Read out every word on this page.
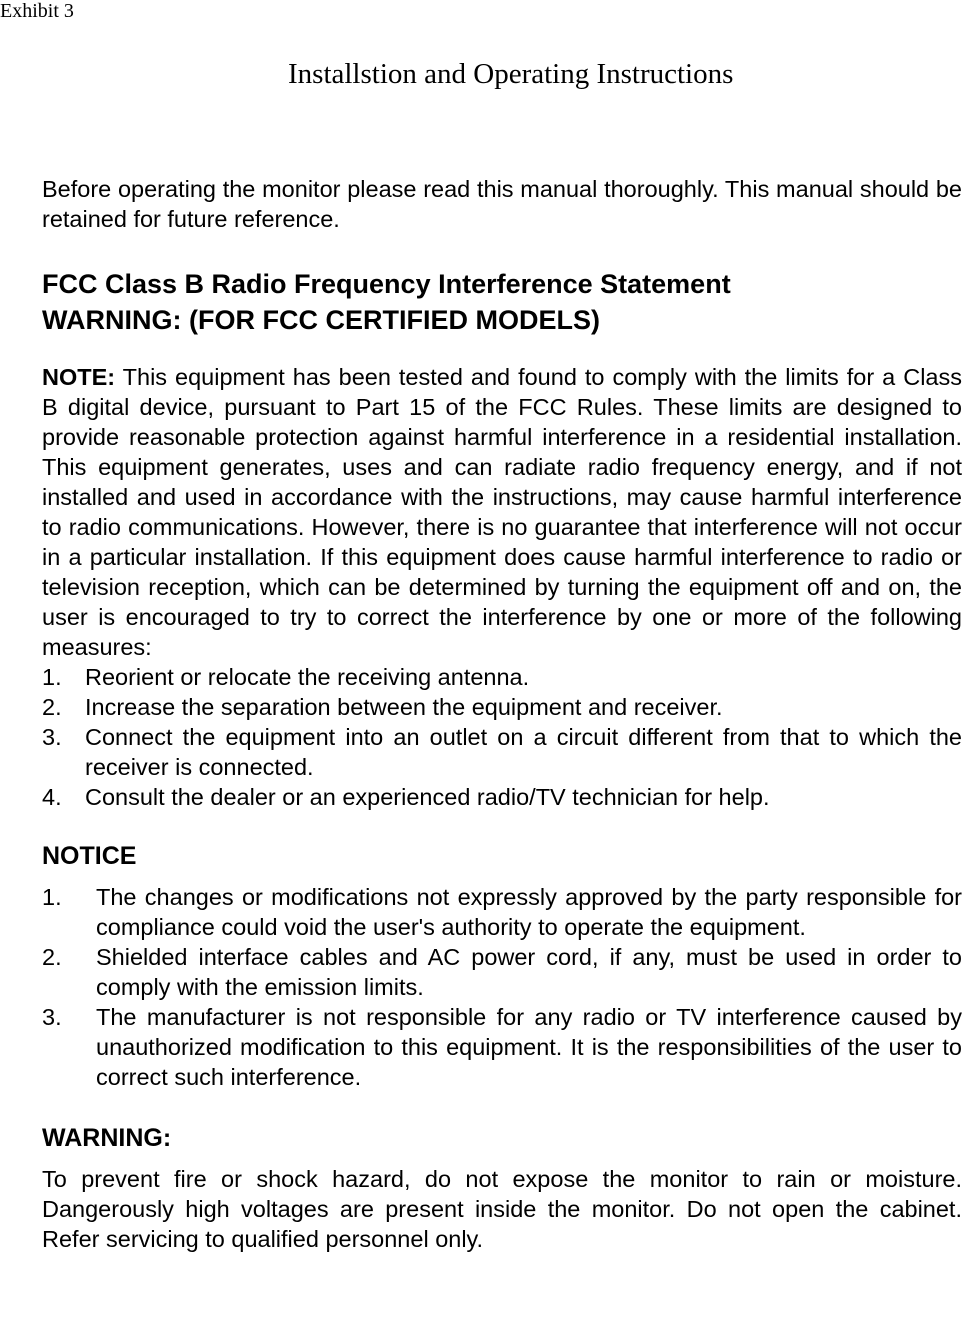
Exhibit 3
Installstion and Operating Instructions

Before operating the monitor please read this manual thoroughly. This manual should be retained for future reference.

FCC Class B Radio Frequency Interference Statement

WARNING: (FOR FCC CERTIFIED MODELS)

NOTE: This equipment has been tested and found to comply with the limits for a Class B digital device, pursuant to Part 15 of the FCC Rules. These limits are designed to provide reasonable protection against harmful interference in a residential installation. This equipment generates, uses and can radiate radio frequency energy, and if not installed and used in accordance with the instructions, may cause harmful interference to radio communications. However, there is no guarantee that interference will not occur in a particular installation. If this equipment does cause harmful interference to radio or television reception, which can be determined by turning the equipment off and on, the user is encouraged to try to correct the interference by one or more of the following measures:

1. Reorient or relocate the receiving antenna.
2. Increase the separation between the equipment and receiver.
3. Connect the equipment into an outlet on a circuit different from that to which the receiver is connected.
4. Consult the dealer or an experienced radio/TV technician for help.

NOTICE

1.	The changes or modifications not expressly approved by the party responsible for compliance could void the user's authority to operate the equipment.
2.	Shielded interface cables and AC power cord, if any, must be used in order to comply with the emission limits.
3.	The manufacturer is not responsible for any radio or TV interference caused by unauthorized modification to this equipment. It is the responsibilities of the user to correct such interference.

WARNING:

To prevent fire or shock hazard, do not expose the monitor to rain or moisture. Dangerously high voltages are present inside the monitor. Do not open the cabinet. Refer servicing to qualified personnel only.
